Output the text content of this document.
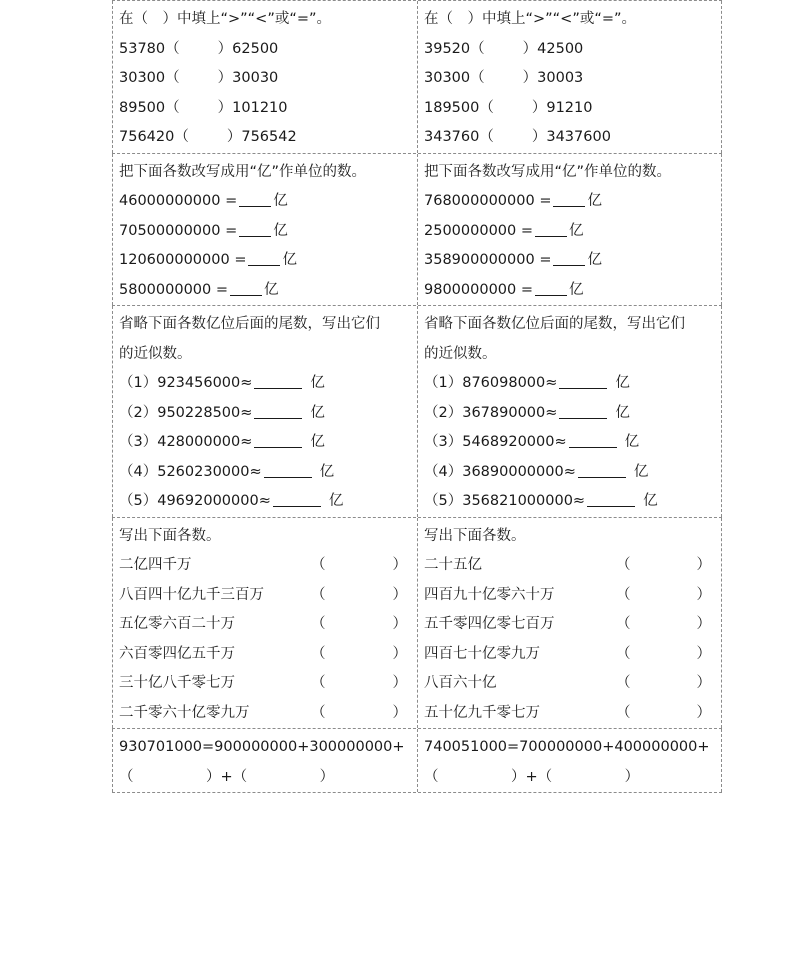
在（　）中填上“>”“<”或“=”。
53780（	）62500
30300（	）30030
89500（	）101210
756420（	）756542
在（　）中填上“>”“<”或“=”。
39520（	）42500
30300（	）30003
189500（	）91210
343760（	）3437600
把下面各数改写成用“亿”作单位的数。
46000000000 = 亿
70500000000 = 亿
120600000000 = 亿
5800000000 = 亿
把下面各数改写成用“亿”作单位的数。
768000000000 = 亿
2500000000 = 亿
358900000000 = 亿
9800000000 = 亿
省略下面各数亿位后面的尾数，写出它们
的近似数。
（1）923456000≈	亿
（2）950228500≈	亿
（3）428000000≈	亿
（4）5260230000≈	亿
（5）49692000000≈	亿
省略下面各数亿位后面的尾数，写出它们
的近似数。
（1）876098000≈	亿
（2）367890000≈	亿
（3）5468920000≈	亿
（4）36890000000≈	亿
（5）356821000000≈	亿
写出下面各数。
二亿四千万	（	）
八百四十亿九千三百万	（	）
五亿零六百二十万	（	）
六百零四亿五千万	（	）
三十亿八千零七万	（	）
二千零六十亿零九万	（	）
写出下面各数。
二十五亿	（	）
四百九十亿零六十万	（	）
五千零四亿零七百万	（	）
四百七十亿零九万	（	）
八百六十亿	（	）
五十亿九千零七万	（	）
930701000=900000000+300000000+
（　　　　　）+（　　　　　）
740051000=700000000+400000000+
（　　　　　）+（　　　　　）
